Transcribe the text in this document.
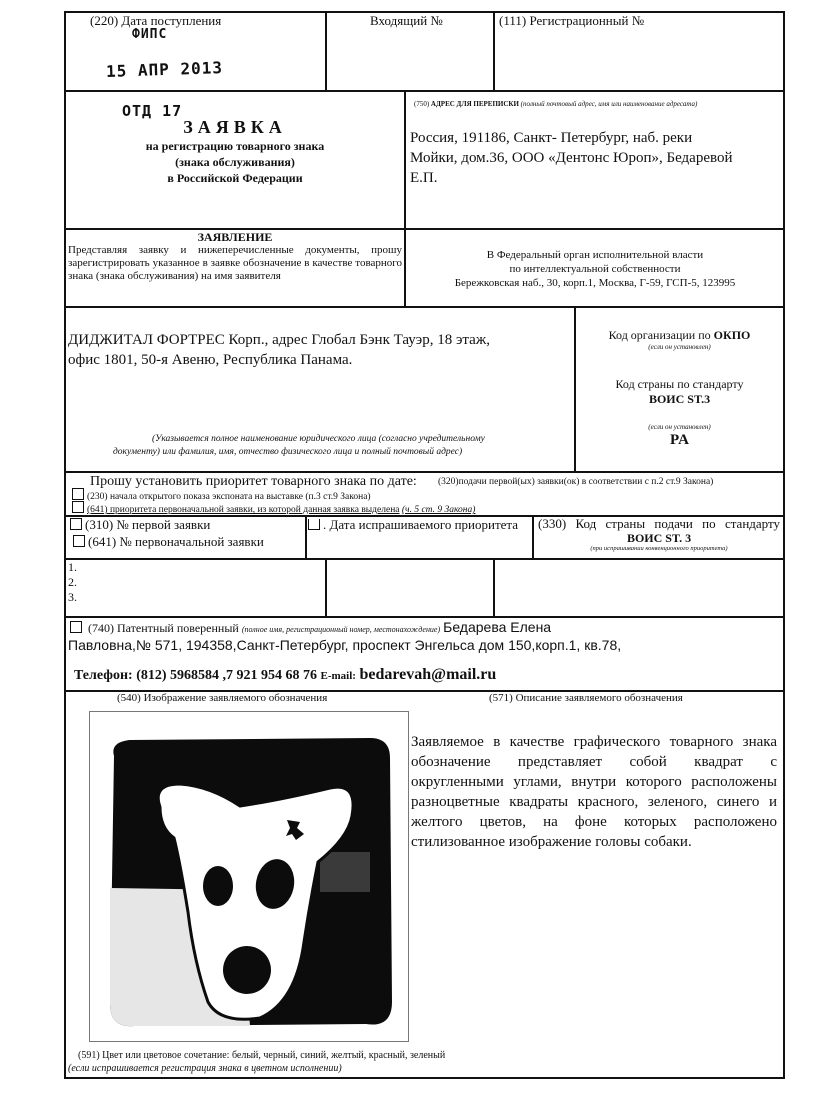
(220) Дата поступления
ФИПС
15 АПР 2013
Входящий №	(111) Регистрационный №
ОТД 17
ЗАЯВКА
на регистрацию товарного знака
(знака обслуживания)
в Российской Федерации
(750) АДРЕС ДЛЯ ПЕРЕПИСКИ (полный почтовый адрес, имя или наименование адресата)
Россия, 191186, Санкт- Петербург, наб. реки
Мойки, дом.36, ООО «Дентонс Юроп», Бедаревой
Е.П.
ЗАЯВЛЕНИЕ
Представляя заявку и нижеперечисленные документы, прошу зарегистрировать указанное в заявке обозначение в качестве товарного знака (знака обслуживания) на имя заявителя
В Федеральный орган исполнительной власти
по интеллектуальной собственности
Бережковская наб., 30, корп.1, Москва, Г-59, ГСП-5, 123995
ДИДЖИТАЛ ФОРТРЕС Корп., адрес Глобал Бэнк Тауэр, 18 этаж,
офис 1801, 50-я Авеню, Республика Панама.
(Указывается полное наименование юридического лица (согласно учредительному
документу) или фамилия, имя, отчество физического лица и полный почтовый адрес)
Код организации по ОКПО
(если он установлен)
Код страны по стандарту
ВОИС ST.3
(если он установлен)
PA
Прошу установить приоритет товарного знака по дате: (320)подачи первой(ых) заявки(ок) в соответствии с п.2 ст.9 Закона)
(230) начала открытого показа экспоната на выставке (п.3 ст.9 Закона)
(641) приоритета первоначальной заявки, из которой данная заявка выделена (ч. 5 ст. 9 Закона)
(310) № первой заявки
(641) № первоначальной заявки
. Дата испрашиваемого приоритета	(330) Код страны подачи по стандарту
ВОИС ST. 3
(при испрашивании конвенционного приоритета)
1.
2.
3.
(740) Патентный поверенный (полное имя, регистрационный номер, местонахождение) Бедарева Елена
Павловна,№ 571, 194358,Санкт-Петербург, проспект Энгельса дом 150,корп.1, кв.78,
Телефон: (812) 5968584 ,7 921 954 68 76 E-mail: bedarevah@mail.ru
(540) Изображение заявляемого обозначения	(571) Описание заявляемого обозначения
Заявляемое в качестве графического товарного знака обозначение представляет собой квадрат с округленными углами, внутри которого расположены разноцветные квадраты красного, зеленого, синего и желтого цветов, на фоне которых расположено стилизованное изображение головы собаки.
(591) Цвет или цветовое сочетание: белый, черный, синий, желтый, красный, зеленый
(если испрашивается регистрация знака в цветном исполнении)
